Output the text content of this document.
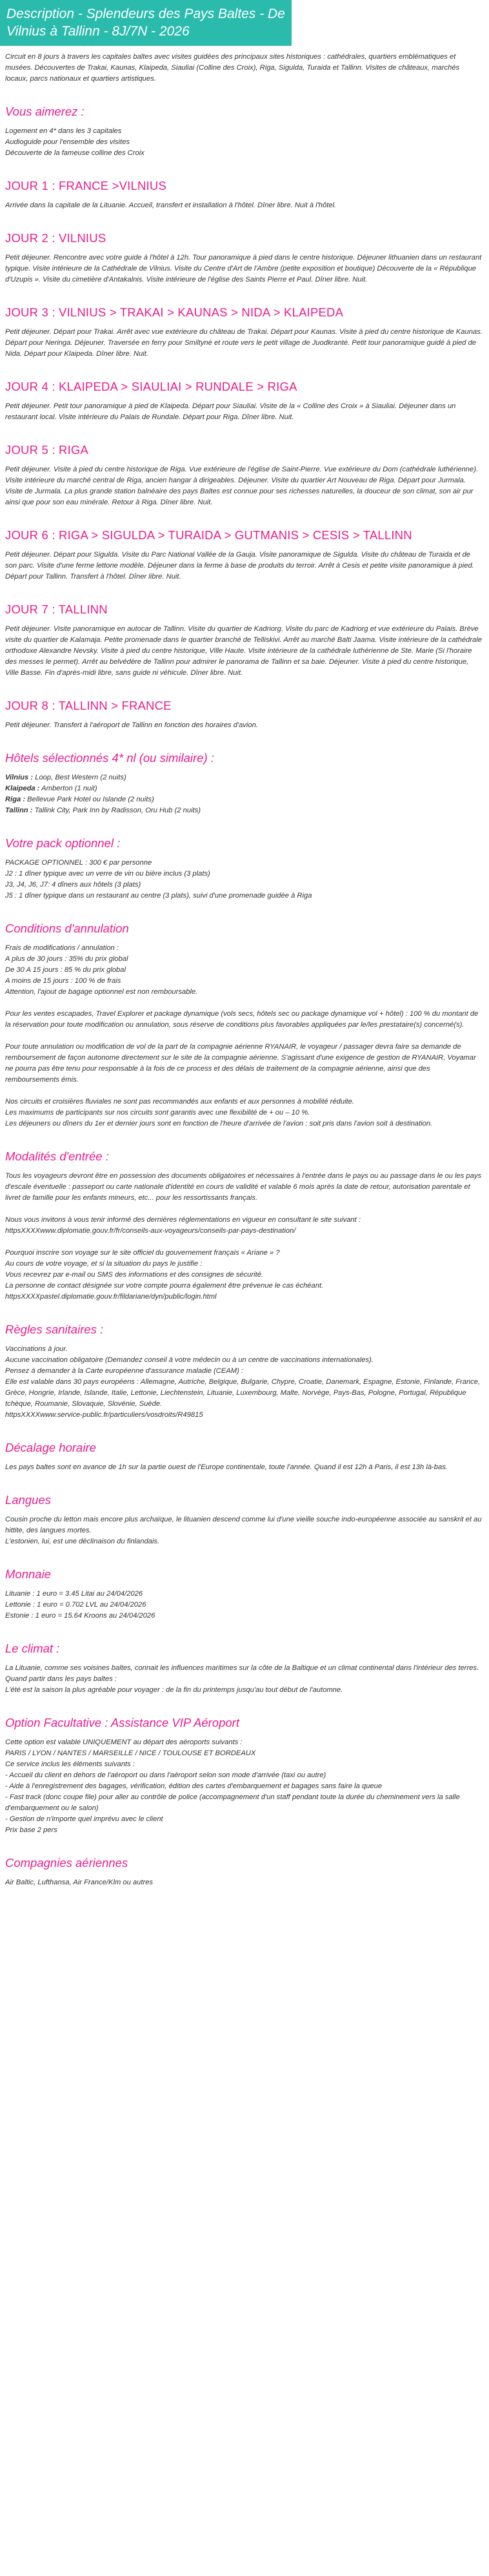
Description - Splendeurs des Pays Baltes - De Vilnius à Tallinn - 8J/7N - 2026

Circuit en 8 jours à travers les capitales baltes avec visites guidées des principaux sites historiques : cathédrales, quartiers emblématiques et musées. Découvertes de Trakai, Kaunas, Klaipeda, Siauliai (Colline des Croix), Riga, Sigulda, Turaida et Tallinn. Visites de châteaux, marchés locaux, parcs nationaux et quartiers artistiques.

Vous aimerez :
Logement en 4* dans les 3 capitales
Audioguide pour l'ensemble des visites
Découverte de la fameuse colline des Croix
JOUR 1 : FRANCE >VILNIUS

Arrivée dans la capitale de la Lituanie. Accueil, transfert et installation à l'hôtel. Dîner libre. Nuit à l'hôtel.

JOUR 2 : VILNIUS

Petit déjeuner. Rencontre avec votre guide à l'hôtel à 12h. Tour panoramique à pied dans le centre historique. Déjeuner lithuanien dans un restaurant typique. Visite intérieure de la Cathédrale de Vilnius. Visite du Centre d'Art de l'Ambre (petite exposition et boutique) Découverte de la « République d'Uzupis ». Visite du cimetière d'Antakalnis. Visite intérieure de l'église des Saints Pierre et Paul. Dîner libre. Nuit.

JOUR 3 : VILNIUS > TRAKAI > KAUNAS > NIDA > KLAIPEDA

Petit déjeuner. Départ pour Trakai. Arrêt avec vue extérieure du château de Trakai. Départ pour Kaunas. Visite à pied du centre historique de Kaunas. Départ pour Neringa. Déjeuner. Traversée en ferry pour Smiltynė et route vers le petit village de Juodkrantė. Petit tour panoramique guidé à pied de Nida. Départ pour Klaipeda. Dîner libre. Nuit.

JOUR 4 : KLAIPEDA > SIAULIAI > RUNDALE > RIGA

Petit déjeuner. Petit tour panoramique à pied de Klaipeda. Départ pour Siauliai. Visite de la « Colline des Croix » à Siauliai. Déjeuner dans un restaurant local. Visite intérieure du Palais de Rundale. Départ pour Riga. Dîner libre. Nuit.

JOUR 5 : RIGA

Petit déjeuner. Visite à pied du centre historique de Riga. Vue extérieure de l'église de Saint-Pierre. Vue extérieure du Dom (cathédrale luthérienne). Visite intérieure du marché central de Riga, ancien hangar à dirigeables. Déjeuner. Visite du quartier Art Nouveau de Riga. Départ pour Jurmala. Visite de Jurmala. La plus grande station balnéaire des pays Baltes est connue pour ses richesses naturelles, la douceur de son climat, son air pur ainsi que pour son eau minérale. Retour à Riga. Dîner libre. Nuit.

JOUR 6 : RIGA > SIGULDA > TURAIDA > GUTMANIS > CESIS > TALLINN

Petit déjeuner. Départ pour Sigulda. Visite du Parc National Vallée de la Gauja. Visite panoramique de Sigulda. Visite du château de Turaida et de son parc. Visite d'une ferme lettone modèle. Déjeuner dans la ferme à base de produits du terroir. Arrêt à Cesis et petite visite panoramique à pied. Départ pour Tallinn. Transfert à l'hôtel. Dîner libre. Nuit.

JOUR 7 : TALLINN

Petit déjeuner. Visite panoramique en autocar de Tallinn. Visite du quartier de Kadriorg. Visite du parc de Kadriorg et vue extérieure du Palais. Brève visite du quartier de Kalamaja. Petite promenade dans le quartier branché de Telliskivi. Arrêt au marché Balti Jaama. Visite intérieure de la cathédrale orthodoxe Alexandre Nevsky. Visite à pied du centre historique, Ville Haute. Visite intérieure de la cathédrale luthérienne de Ste. Marie (Si l'horaire des messes le permet). Arrêt au belvédère de Tallinn pour admirer le panorama de Tallinn et sa baie. Déjeuner. Visite à pied du centre historique, Ville Basse. Fin d'après-midi libre, sans guide ni véhicule. Dîner libre. Nuit.

JOUR 8 : TALLINN > FRANCE

Petit déjeuner. Transfert à l'aéroport de Tallinn en fonction des horaires d'avion.

Hôtels sélectionnés 4* nl (ou similaire) :
Vilnius : Loop, Best Western (2 nuits)
Klaipeda : Amberton (1 nuit)
Riga : Bellevue Park Hotel ou Islande (2 nuits)
Tallinn : Tallink City, Park Inn by Radisson, Oru Hub (2 nuits)
Votre pack optionnel :
PACKAGE OPTIONNEL : 300 € par personne
J2 : 1 dîner typique avec un verre de vin ou bière inclus (3 plats)
J3, J4, J6, J7: 4 dîners aux hôtels (3 plats)
J5 : 1 dîner typique dans un restaurant au centre (3 plats), suivi d'une promenade guidée à Riga
Conditions d'annulation
Frais de modifications / annulation :
A plus de 30 jours : 35% du prix global
De 30 A 15 jours : 85 % du prix global
A moins de 15 jours : 100 % de frais
Attention, l'ajout de bagage optionnel est non remboursable.
Pour les ventes escapades, Travel Explorer et package dynamique (vols secs, hôtels sec ou package dynamique vol + hôtel) : 100 % du montant de la réservation pour toute modification ou annulation, sous réserve de conditions plus favorables appliquées par le/les prestataire(s) concerné(s).
Pour toute annulation ou modification de vol de la part de la compagnie aérienne RYANAIR, le voyageur / passager devra faire sa demande de remboursement de façon autonome directement sur le site de la compagnie aérienne. S'agissant d'une exigence de gestion de RYANAIR, Voyamar ne pourra pas être tenu pour responsable à la fois de ce process et des délais de traitement de la compagnie aérienne, ainsi que des remboursements émis.
Nos circuits et croisières fluviales ne sont pas recommandés aux enfants et aux personnes à mobilité réduite.
Les maximums de participants sur nos circuits sont garantis avec une flexibilité de + ou – 10 %.
Les déjeuners ou dîners du 1er et dernier jours sont en fonction de l'heure d'arrivée de l'avion : soit pris dans l'avion soit à destination.
Modalités d'entrée :
Tous les voyageurs devront être en possession des documents obligatoires et nécessaires à l'entrée dans le pays ou au passage dans le ou les pays d'escale éventuelle : passeport ou carte nationale d'identité en cours de validité et valable 6 mois après la date de retour, autorisation parentale et livret de famille pour les enfants mineurs, etc... pour les ressortissants français.
Nous vous invitons à vous tenir informé des dernières réglementations en vigueur en consultant le site suivant : httpsXXXXwww.diplomatie.gouv.fr/fr/conseils-aux-voyageurs/conseils-par-pays-destination/
Pourquoi inscrire son voyage sur le site officiel du gouvernement français « Ariane » ?
Au cours de votre voyage, et si la situation du pays le justifie :
Vous recevrez par e-mail ou SMS des informations et des consignes de sécurité.
La personne de contact désignée sur votre compte pourra également être prévenue le cas échéant.
httpsXXXXpastel.diplomatie.gouv.fr/fildariane/dyn/public/login.html
Règles sanitaires :
Vaccinations à jour.
Aucune vaccination obligatoire (Demandez conseil à votre médecin ou à un centre de vaccinations internationales).
Pensez à demander à la Carte européenne d'assurance maladie (CEAM) :
Elle est valable dans 30 pays européens : Allemagne, Autriche, Belgique, Bulgarie, Chypre, Croatie, Danemark, Espagne, Estonie, Finlande, France, Grèce, Hongrie, Irlande, Islande, Italie, Lettonie, Liechtenstein, Lituanie, Luxembourg, Malte, Norvège, Pays-Bas, Pologne, Portugal, République tchèque, Roumanie, Slovaquie, Slovénie, Suède.
httpsXXXXwww.service-public.fr/particuliers/vosdroits/R49815
Décalage horaire

Les pays baltes sont en avance de 1h sur la partie ouest de l'Europe continentale, toute l'année. Quand il est 12h à Paris, il est 13h là-bas.

Langues
Cousin proche du letton mais encore plus archaïque, le lituanien descend comme lui d'une vieille souche indo-européenne associée au sanskrit et au hittite, des langues mortes.
L'estonien, lui, est une déclinaison du finlandais.
Monnaie
Lituanie : 1 euro = 3.45 Litai au 24/04/2026
Lettonie : 1 euro = 0.702 LVL au 24/04/2026
Estonie : 1 euro = 15.64 Kroons au 24/04/2026
Le climat :
La Lituanie, comme ses voisines baltes, connait les influences maritimes sur la côte de la Baltique et un climat continental dans l'intérieur des terres.
Quand partir dans les pays baltes :
L'été est la saison la plus agréable pour voyager : de la fin du printemps jusqu'au tout début de l'automne.
Option Facultative : Assistance VIP Aéroport
Cette option est valable UNIQUEMENT au départ des aéroports suivants :
PARIS / LYON / NANTES / MARSEILLE / NICE / TOULOUSE ET BORDEAUX
Ce service inclus les éléments suivants :
- Accueil du client en dehors de l'aéroport ou dans l'aéroport selon son mode d'arrivée (taxi ou autre)
- Aide à l'enregistrement des bagages, vérification, édition des cartes d'embarquement et bagages sans faire la queue
- Fast track (donc coupe file) pour aller au contrôle de police (accompagnement d'un staff pendant toute la durée du cheminement vers la salle d'embarquement ou le salon)
- Gestion de n'importe quel imprévu avec le client
Prix base 2 pers
Compagnies aériennes

Air Baltic, Lufthansa, Air France/Klm ou autres
